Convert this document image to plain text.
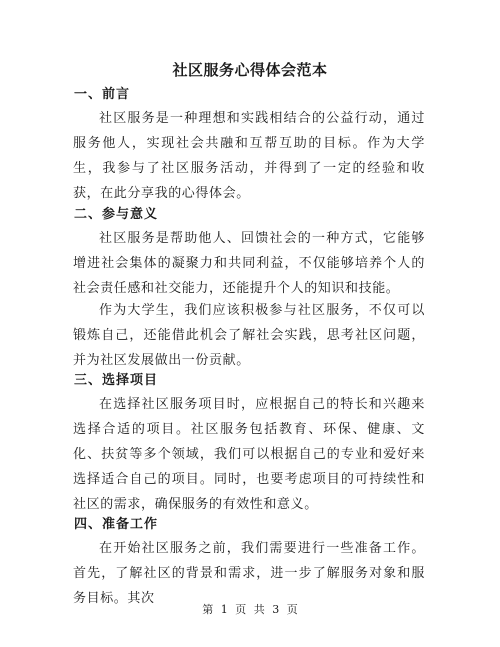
社区服务心得体会范本
一、前言
社区服务是一种理想和实践相结合的公益行动，通过服务他人，实现社会共融和互帮互助的目标。作为大学生，我参与了社区服务活动，并得到了一定的经验和收获，在此分享我的心得体会。
二、参与意义
社区服务是帮助他人、回馈社会的一种方式，它能够增进社会集体的凝聚力和共同利益，不仅能够培养个人的社会责任感和社交能力，还能提升个人的知识和技能。
作为大学生，我们应该积极参与社区服务，不仅可以锻炼自己，还能借此机会了解社会实践，思考社区问题，并为社区发展做出一份贡献。
三、选择项目
在选择社区服务项目时，应根据自己的特长和兴趣来选择合适的项目。社区服务包括教育、环保、健康、文化、扶贫等多个领域，我们可以根据自己的专业和爱好来选择适合自己的项目。同时，也要考虑项目的可持续性和社区的需求，确保服务的有效性和意义。
四、准备工作
在开始社区服务之前，我们需要进行一些准备工作。首先，了解社区的背景和需求，进一步了解服务对象和服务目标。其次
第 1 页 共 3 页
